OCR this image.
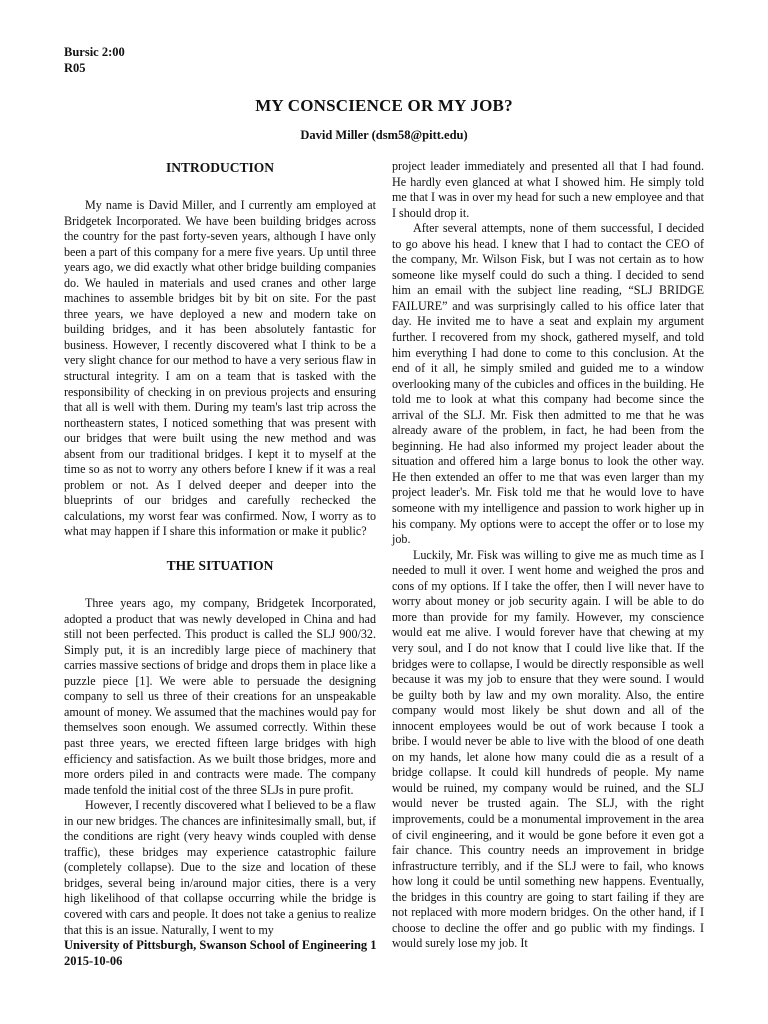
Bursic 2:00
R05
MY CONSCIENCE OR MY JOB?
David Miller (dsm58@pitt.edu)
INTRODUCTION

My name is David Miller, and I currently am employed at Bridgetek Incorporated. We have been building bridges across the country for the past forty-seven years, although I have only been a part of this company for a mere five years. Up until three years ago, we did exactly what other bridge building companies do. We hauled in materials and used cranes and other large machines to assemble bridges bit by bit on site. For the past three years, we have deployed a new and modern take on building bridges, and it has been absolutely fantastic for business. However, I recently discovered what I think to be a very slight chance for our method to have a very serious flaw in structural integrity. I am on a team that is tasked with the responsibility of checking in on previous projects and ensuring that all is well with them. During my team's last trip across the northeastern states, I noticed something that was present with our bridges that were built using the new method and was absent from our traditional bridges. I kept it to myself at the time so as not to worry any others before I knew if it was a real problem or not. As I delved deeper and deeper into the blueprints of our bridges and carefully rechecked the calculations, my worst fear was confirmed. Now, I worry as to what may happen if I share this information or make it public?

THE SITUATION

Three years ago, my company, Bridgetek Incorporated, adopted a product that was newly developed in China and had still not been perfected. This product is called the SLJ 900/32. Simply put, it is an incredibly large piece of machinery that carries massive sections of bridge and drops them in place like a puzzle piece [1]. We were able to persuade the designing company to sell us three of their creations for an unspeakable amount of money. We assumed that the machines would pay for themselves soon enough. We assumed correctly. Within these past three years, we erected fifteen large bridges with high efficiency and satisfaction. As we built those bridges, more and more orders piled in and contracts were made. The company made tenfold the initial cost of the three SLJs in pure profit.

However, I recently discovered what I believed to be a flaw in our new bridges. The chances are infinitesimally small, but, if the conditions are right (very heavy winds coupled with dense traffic), these bridges may experience catastrophic failure (completely collapse). Due to the size and location of these bridges, several being in/around major cities, there is a very high likelihood of that collapse occurring while the bridge is covered with cars and people. It does not take a genius to realize that this is an issue. Naturally, I went to my

project leader immediately and presented all that I had found. He hardly even glanced at what I showed him. He simply told me that I was in over my head for such a new employee and that I should drop it.

After several attempts, none of them successful, I decided to go above his head. I knew that I had to contact the CEO of the company, Mr. Wilson Fisk, but I was not certain as to how someone like myself could do such a thing. I decided to send him an email with the subject line reading, “SLJ BRIDGE FAILURE” and was surprisingly called to his office later that day. He invited me to have a seat and explain my argument further. I recovered from my shock, gathered myself, and told him everything I had done to come to this conclusion. At the end of it all, he simply smiled and guided me to a window overlooking many of the cubicles and offices in the building. He told me to look at what this company had become since the arrival of the SLJ. Mr. Fisk then admitted to me that he was already aware of the problem, in fact, he had been from the beginning. He had also informed my project leader about the situation and offered him a large bonus to look the other way. He then extended an offer to me that was even larger than my project leader's. Mr. Fisk told me that he would love to have someone with my intelligence and passion to work higher up in his company. My options were to accept the offer or to lose my job.

Luckily, Mr. Fisk was willing to give me as much time as I needed to mull it over. I went home and weighed the pros and cons of my options. If I take the offer, then I will never have to worry about money or job security again. I will be able to do more than provide for my family. However, my conscience would eat me alive. I would forever have that chewing at my very soul, and I do not know that I could live like that. If the bridges were to collapse, I would be directly responsible as well because it was my job to ensure that they were sound. I would be guilty both by law and my own morality. Also, the entire company would most likely be shut down and all of the innocent employees would be out of work because I took a bribe. I would never be able to live with the blood of one death on my hands, let alone how many could die as a result of a bridge collapse. It could kill hundreds of people. My name would be ruined, my company would be ruined, and the SLJ would never be trusted again. The SLJ, with the right improvements, could be a monumental improvement in the area of civil engineering, and it would be gone before it even got a fair chance. This country needs an improvement in bridge infrastructure terribly, and if the SLJ were to fail, who knows how long it could be until something new happens. Eventually, the bridges in this country are going to start failing if they are not replaced with more modern bridges. On the other hand, if I choose to decline the offer and go public with my findings. I would surely lose my job. It

University of Pittsburgh, Swanson School of Engineering 1
2015-10-06
